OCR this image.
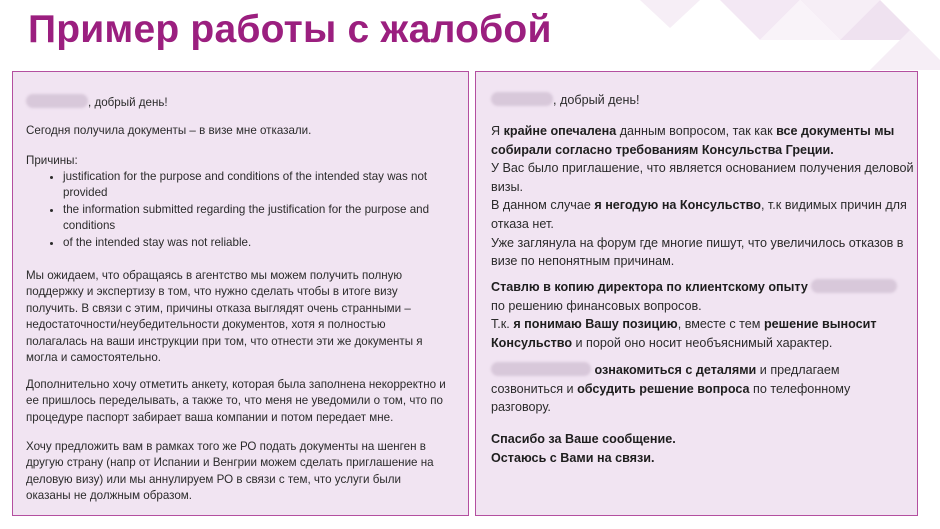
Пример работы с жалобой

, добрый день!

Сегодня получила документы – в визе мне отказали.

Причины:

• justification for the purpose and conditions of the intended stay was not provided
• the information submitted regarding the justification for the purpose and conditions
• of the intended stay was not reliable.

Мы ожидаем, что обращаясь в агентство мы можем получить полную поддержку и экспертизу в том, что нужно сделать чтобы в итоге визу получить. В связи с этим, причины отказа выглядят очень странными – недостаточности/неубедительности документов, хотя я полностью полагалась на ваши инструкции при том, что отнести эти же документы я могла и самостоятельно.

Дополнительно хочу отметить анкету, которая была заполнена некорректно и ее пришлось переделывать, а также то, что меня не уведомили о том, что по процедуре паспорт забирает ваша компании и потом передает мне.

Хочу предложить вам в рамках того же РО подать документы на шенген в другую страну (напр от Испании и Венгрии можем сделать приглашение на деловую визу) или мы аннулируем РО в связи с тем, что услуги были оказаны не должным образом.

, добрый день!

Я крайне опечалена данным вопросом, так как все документы мы собирали согласно требованиям Консульства Греции.
У Вас было приглашение, что является основанием получения деловой визы.
В данном случае я негодую на Консульство, т.к видимых причин для отказа нет.
Уже заглянула на форум где многие пишут, что увеличилось отказов в визе по непонятным причинам.

Ставлю в копию директора по клиентскому опыту
по решению финансовых вопросов.
Т.к. я понимаю Вашу позицию, вместе с тем решение выносит Консульство и порой оно носит необъяснимый характер.

ознакомиться с деталями и предлагаем созвониться и обсудить решение вопроса по телефонному разговору.

Спасибо за Ваше сообщение.
Остаюсь с Вами на связи.
